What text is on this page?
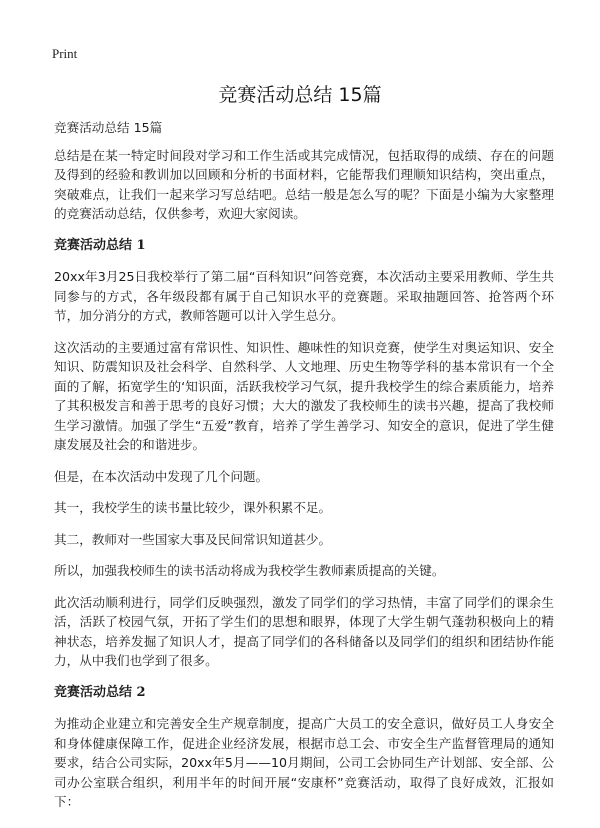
Print
竞赛活动总结 15篇

竞赛活动总结 15篇

总结是在某一特定时间段对学习和工作生活或其完成情况，包括取得的成绩、存在的问题及得到的经验和教训加以回顾和分析的书面材料，它能帮我们理顺知识结构，突出重点，突破难点，让我们一起来学习写总结吧。总结一般是怎么写的呢？下面是小编为大家整理的竞赛活动总结，仅供参考，欢迎大家阅读。

竞赛活动总结 1

20xx年3月25日我校举行了第二届“百科知识”问答竞赛，本次活动主要采用教师、学生共同参与的方式，各年级段都有属于自己知识水平的竞赛题。采取抽题回答、抢答两个环节，加分消分的方式，教师答题可以计入学生总分。

这次活动的主要通过富有常识性、知识性、趣味性的知识竞赛，使学生对奥运知识、安全知识、防震知识及社会科学、自然科学、人文地理、历史生物等学科的基本常识有一个全面的了解，拓宽学生的‘知识面，活跃我校学习气氛，提升我校学生的综合素质能力，培养了其积极发言和善于思考的良好习惯；大大的激发了我校师生的读书兴趣，提高了我校师生学习激情。加强了学生“五爱”教育，培养了学生善学习、知安全的意识，促进了学生健康发展及社会的和谐进步。

但是，在本次活动中发现了几个问题。

其一，我校学生的读书量比较少，课外积累不足。

其二，教师对一些国家大事及民间常识知道甚少。

所以，加强我校师生的读书活动将成为我校学生教师素质提高的关键。

此次活动顺利进行，同学们反映强烈，激发了同学们的学习热情，丰富了同学们的课余生活，活跃了校园气氛，开拓了学生们的思想和眼界，体现了大学生朝气蓬勃积极向上的精神状态，培养发掘了知识人才，提高了同学们的各科储备以及同学们的组织和团结协作能力，从中我们也学到了很多。

竞赛活动总结 2

为推动企业建立和完善安全生产规章制度，提高广大员工的安全意识，做好员工人身安全和身体健康保障工作，促进企业经济发展，根据市总工会、市安全生产监督管理局的通知要求，结合公司实际，20xx年5月——10月期间，公司工会协同生产计划部、安全部、公司办公室联合组织，利用半年的时间开展“安康杯”竞赛活动，取得了良好成效，汇报如下：
